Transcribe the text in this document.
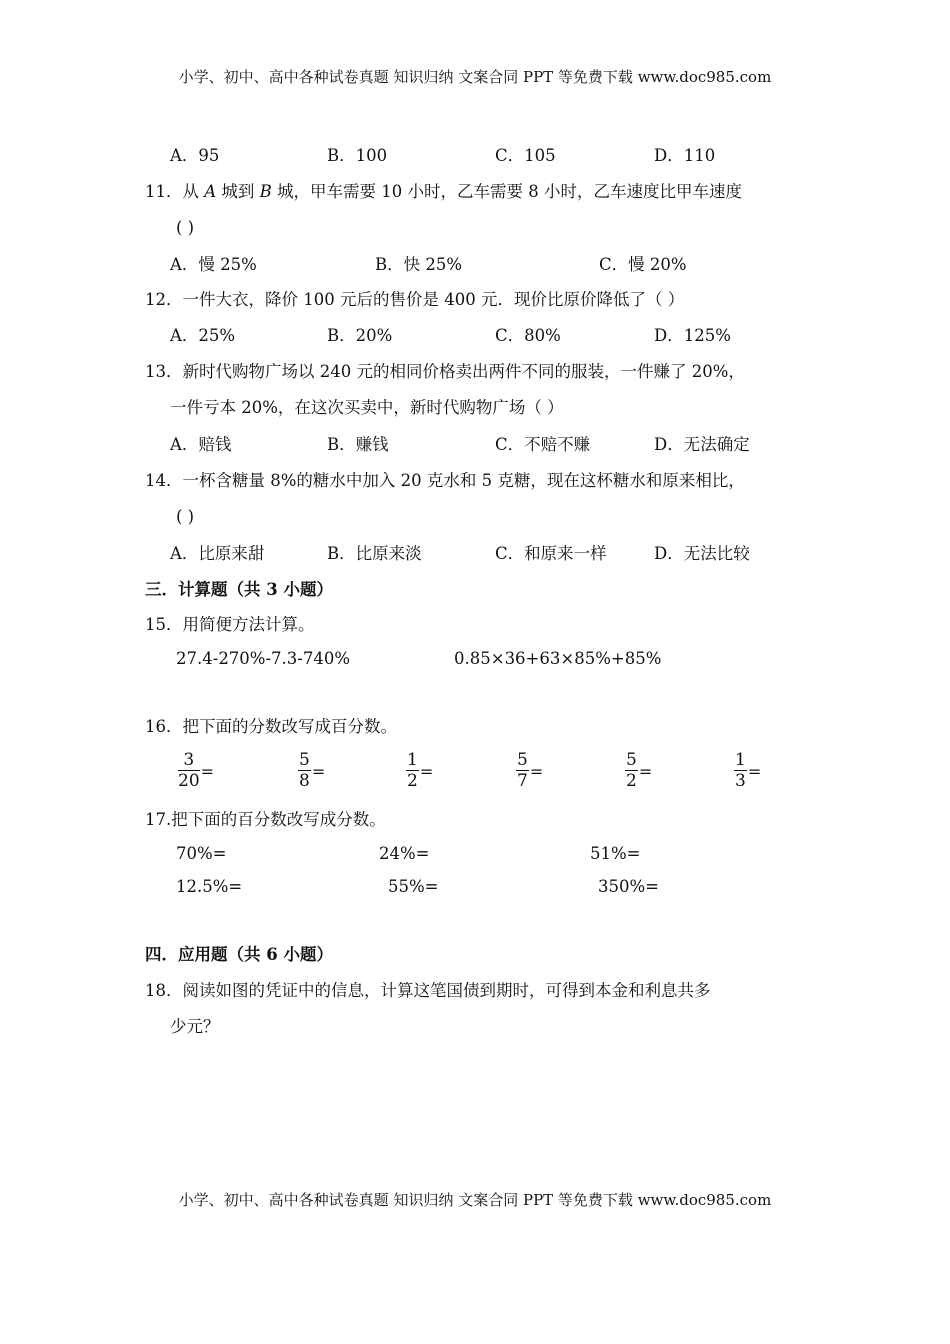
小学、初中、高中各种试卷真题 知识归纳 文案合同 PPT 等免费下载 www.doc985.com
A．95	B．100	C．105	D．110
11．从 A 城到 B 城，甲车需要 10 小时，乙车需要 8 小时，乙车速度比甲车速度
( )
A．慢 25%	B．快 25%	C．慢 20%
12．一件大衣，降价 100 元后的售价是 400 元．现价比原价降低了（ ）
A．25%	B．20%	C．80%	D．125%
13．新时代购物广场以 240 元的相同价格卖出两件不同的服装，一件赚了 20%，
一件亏本 20%，在这次买卖中，新时代购物广场（ ）
A．赔钱	B．赚钱	C．不赔不赚	D．无法确定
14．一杯含糖量 8%的糖水中加入 20 克水和 5 克糖，现在这杯糖水和原来相比，
( )
A．比原来甜	B．比原来淡	C．和原来一样	D．无法比较
三．计算题（共 3 小题）
15．用简便方法计算。
27.4-270%-7.3-740%	0.85×36+63×85%+85%
16．把下面的分数改写成百分数。
$\frac{3}{20}$ =	$\frac{5}{8}$ =	$\frac{1}{2}$ =	$\frac{5}{7}$ =	$\frac{5}{2}$ =	$\frac{1}{3}$ =
17.把下面的百分数改写成分数。
70%=	24%=	51%=
12.5%=	55%=	350%=
四．应用题（共 6 小题）
18．阅读如图的凭证中的信息，计算这笔国债到期时，可得到本金和利息共多
少元？
小学、初中、高中各种试卷真题 知识归纳 文案合同 PPT 等免费下载 www.doc985.com
